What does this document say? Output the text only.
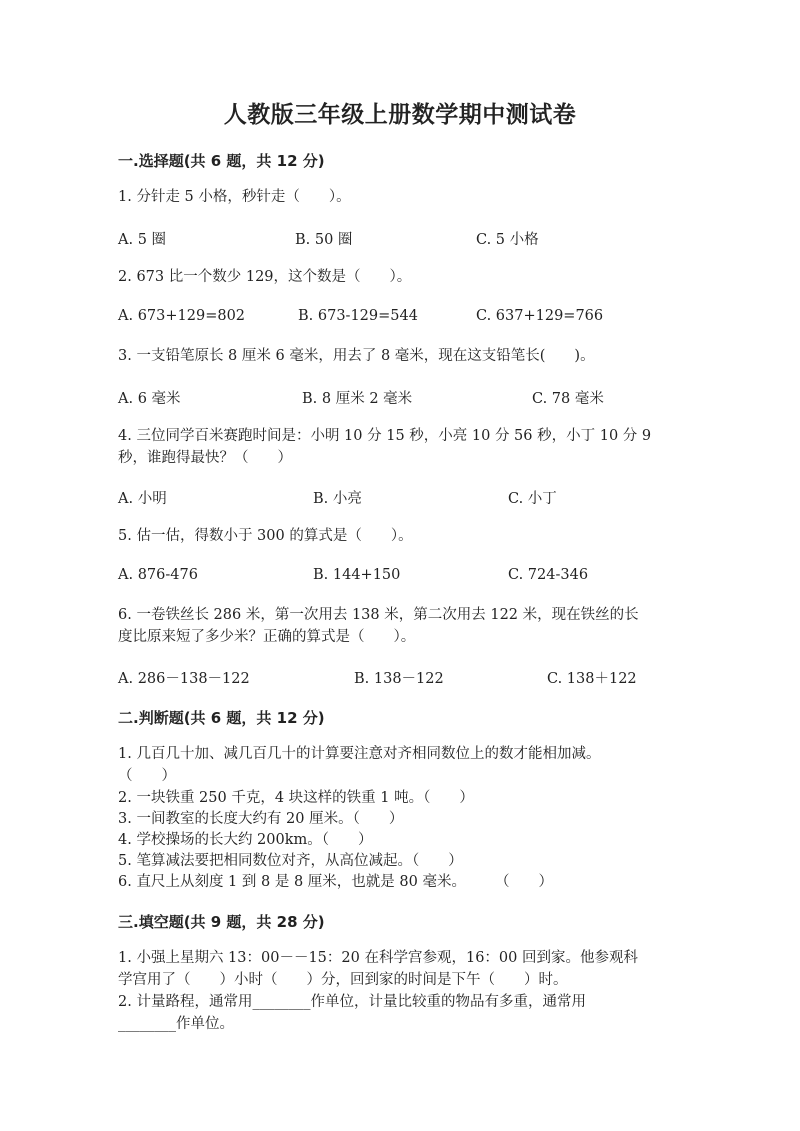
人教版三年级上册数学期中测试卷
一.选择题(共 6 题，共 12 分)
1. 分针走 5 小格，秒针走（　　）。
A. 5 圈	B. 50 圈	C. 5 小格
2. 673 比一个数少 129，这个数是（　　）。
A. 673+129=802	B. 673-129=544	C. 637+129=766
3. 一支铅笔原长 8 厘米 6 毫米，用去了 8 毫米，现在这支铅笔长(　　)。
A. 6 毫米	B. 8 厘米 2 毫米	C. 78 毫米
4. 三位同学百米赛跑时间是：小明 10 分 15 秒，小亮 10 分 56 秒，小丁 10 分 9
秒，谁跑得最快？（　　）
A. 小明	B. 小亮	C. 小丁
5. 估一估，得数小于 300 的算式是（　　）。
A. 876-476	B. 144+150	C. 724-346
6. 一卷铁丝长 286 米，第一次用去 138 米，第二次用去 122 米，现在铁丝的长
度比原来短了多少米？正确的算式是（　　）。
A. 286－138－122	B. 138－122	C. 138＋122
二.判断题(共 6 题，共 12 分)
1. 几百几十加、减几百几十的计算要注意对齐相同数位上的数才能相加减。
（　　）
2. 一块铁重 250 千克，4 块这样的铁重 1 吨。（　　）
3. 一间教室的长度大约有 20 厘米。（　　）
4. 学校操场的长大约 200km。（　　）
5. 笔算减法要把相同数位对齐，从高位减起。（　　）
6. 直尺上从刻度 1 到 8 是 8 厘米，也就是 80 毫米。　　　（　　）
三.填空题(共 9 题，共 28 分)
1. 小强上星期六 13：00－－15：20 在科学宫参观，16：00 回到家。他参观科
学宫用了（　　）小时（　　）分，回到家的时间是下午（　　）时。
2. 计量路程，通常用________作单位，计量比较重的物品有多重，通常用
________作单位。
